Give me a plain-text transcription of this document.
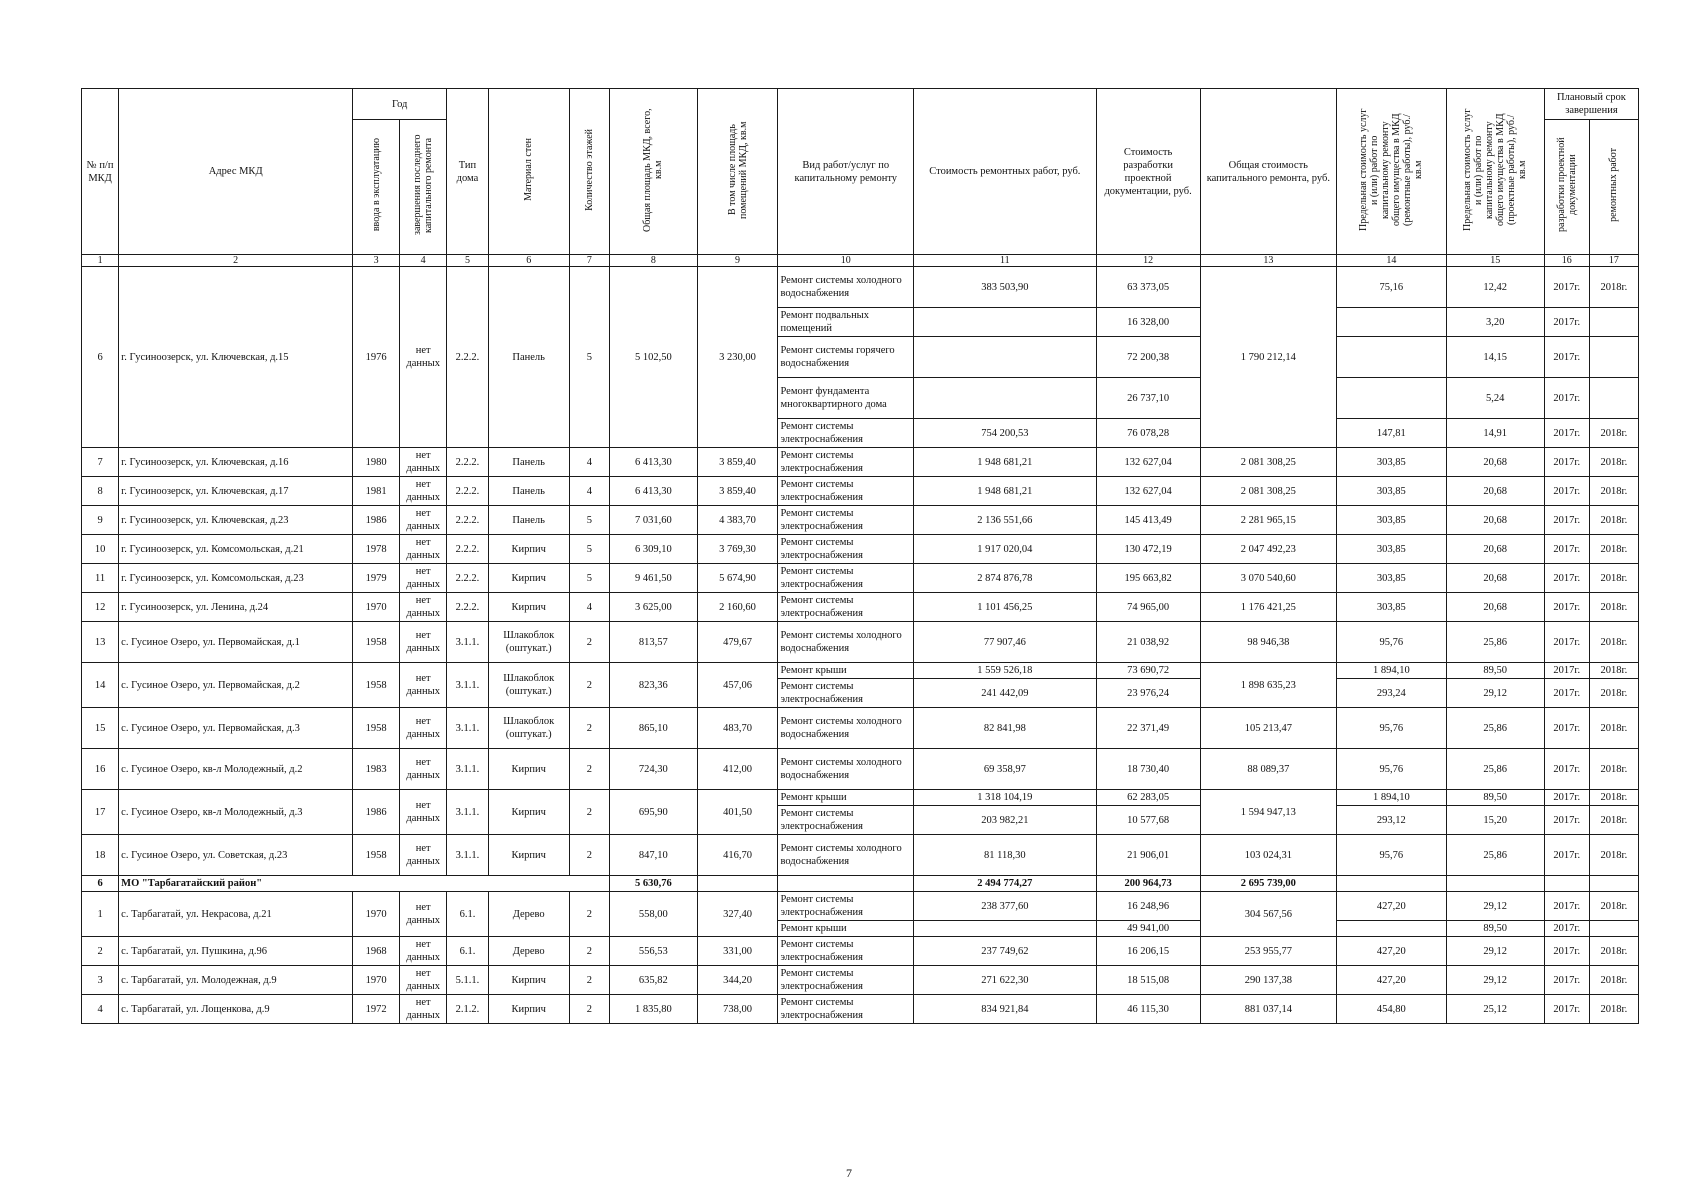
№ п/п МКД	Адрес МКД	Год		Тип дома	Материал стен	Количество этажей	Общая площадь МКД, всего, кв.м	В том числе площадь помещений МКД, кв.м	Вид работ/услуг по капитальному ремонту	Стоимость ремонтных работ, руб.	Стоимость разработки проектной документации, руб.	Общая стоимость капитального ремонта, руб.	Предельная стоимость услуг и (или) работ по капитальному ремонту общего имущества в МКД (ремонтные работы), руб./кв.м	Предельная стоимость услуг и (или) работ по капитальному ремонту общего имущества в МКД (проектные работы), руб./кв.м	Плановый срок завершения	
		ввода в эксплуатацию	завершения последнего капитального ремонта												разработки проектной документации	ремонтных работ
1	2	3	4	5	6	7	8	9	10	11	12	13	14	15	16	17
6	г. Гусиноозерск, ул. Ключевская, д.15	1976	нет данных	2.2.2.	Панель	5	5 102,50	3 230,00	Ремонт системы холодного водоснабжения	383 503,90	63 373,05	1 790 212,14	75,16	12,42	2017г.	2018г.
									Ремонт подвальных помещений		16 328,00			3,20	2017г.	
									Ремонт системы горячего водоснабжения		72 200,38			14,15	2017г.	
									Ремонт фундамента многоквартирного дома		26 737,10			5,24	2017г.	
									Ремонт системы электроснабжения	754 200,53	76 078,28		147,81	14,91	2017г.	2018г.
7	г. Гусиноозерск, ул. Ключевская, д.16	1980	нет данных	2.2.2.	Панель	4	6 413,30	3 859,40	Ремонт системы электроснабжения	1 948 681,21	132 627,04	2 081 308,25	303,85	20,68	2017г.	2018г.
8	г. Гусиноозерск, ул. Ключевская, д.17	1981	нет данных	2.2.2.	Панель	4	6 413,30	3 859,40	Ремонт системы электроснабжения	1 948 681,21	132 627,04	2 081 308,25	303,85	20,68	2017г.	2018г.
9	г. Гусиноозерск, ул. Ключевская, д.23	1986	нет данных	2.2.2.	Панель	5	7 031,60	4 383,70	Ремонт системы электроснабжения	2 136 551,66	145 413,49	2 281 965,15	303,85	20,68	2017г.	2018г.
10	г. Гусиноозерск, ул. Комсомольская, д.21	1978	нет данных	2.2.2.	Кирпич	5	6 309,10	3 769,30	Ремонт системы электроснабжения	1 917 020,04	130 472,19	2 047 492,23	303,85	20,68	2017г.	2018г.
11	г. Гусиноозерск, ул. Комсомольская, д.23	1979	нет данных	2.2.2.	Кирпич	5	9 461,50	5 674,90	Ремонт системы электроснабжения	2 874 876,78	195 663,82	3 070 540,60	303,85	20,68	2017г.	2018г.
12	г. Гусиноозерск, ул. Ленина, д.24	1970	нет данных	2.2.2.	Кирпич	4	3 625,00	2 160,60	Ремонт системы электроснабжения	1 101 456,25	74 965,00	1 176 421,25	303,85	20,68	2017г.	2018г.
13	с. Гусиное Озеро, ул. Первомайская, д.1	1958	нет данных	3.1.1.	Шлакоблок (оштукат.)	2	813,57	479,67	Ремонт системы холодного водоснабжения	77 907,46	21 038,92	98 946,38	95,76	25,86	2017г.	2018г.
14	с. Гусиное Озеро, ул. Первомайская, д.2	1958	нет данных	3.1.1.	Шлакоблок (оштукат.)	2	823,36	457,06	Ремонт крыши	1 559 526,18	73 690,72	1 898 635,23	1 894,10	89,50	2017г.	2018г.
									Ремонт системы электроснабжения	241 442,09	23 976,24		293,24	29,12	2017г.	2018г.
15	с. Гусиное Озеро, ул. Первомайская, д.3	1958	нет данных	3.1.1.	Шлакоблок (оштукат.)	2	865,10	483,70	Ремонт системы холодного водоснабжения	82 841,98	22 371,49	105 213,47	95,76	25,86	2017г.	2018г.
16	с. Гусиное Озеро, кв-л Молодежный, д.2	1983	нет данных	3.1.1.	Кирпич	2	724,30	412,00	Ремонт системы холодного водоснабжения	69 358,97	18 730,40	88 089,37	95,76	25,86	2017г.	2018г.
17	с. Гусиное Озеро, кв-л Молодежный, д.3	1986	нет данных	3.1.1.	Кирпич	2	695,90	401,50	Ремонт крыши	1 318 104,19	62 283,05	1 594 947,13	1 894,10	89,50	2017г.	2018г.
									Ремонт системы электроснабжения	203 982,21	10 577,68		293,12	15,20	2017г.	2018г.
18	с. Гусиное Озеро, ул. Советская, д.23	1958	нет данных	3.1.1.	Кирпич	2	847,10	416,70	Ремонт системы холодного водоснабжения	81 118,30	21 906,01	103 024,31	95,76	25,86	2017г.	2018г.
6	МО "Тарбагатайский район"						5 630,76			2 494 774,27	200 964,73	2 695 739,00				
1	с. Тарбагатай, ул. Некрасова, д.21	1970	нет данных	6.1.	Дерево	2	558,00	327,40	Ремонт системы электроснабжения	238 377,60	16 248,96	304 567,56	427,20	29,12	2017г.	2018г.
									Ремонт крыши		49 941,00			89,50	2017г.	
2	с. Тарбагатай, ул. Пушкина, д.96	1968	нет данных	6.1.	Дерево	2	556,53	331,00	Ремонт системы электроснабжения	237 749,62	16 206,15	253 955,77	427,20	29,12	2017г.	2018г.
3	с. Тарбагатай, ул. Молодежная, д.9	1970	нет данных	5.1.1.	Кирпич	2	635,82	344,20	Ремонт системы электроснабжения	271 622,30	18 515,08	290 137,38	427,20	29,12	2017г.	2018г.
4	с. Тарбагатай, ул. Лощенкова, д.9	1972	нет данных	2.1.2.	Кирпич	2	1 835,80	738,00	Ремонт системы электроснабжения	834 921,84	46 115,30	881 037,14	454,80	25,12	2017г.	2018г.
7
